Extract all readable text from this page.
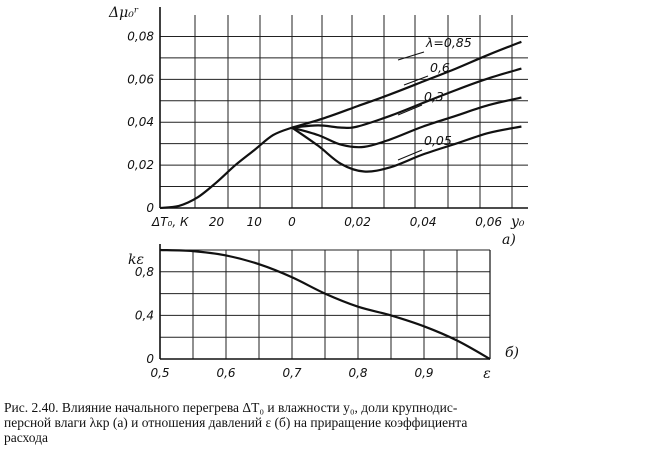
0
0,02
0,04
0,06
0,08
20 10 0	0,02	0,04	0,06
ΔT₀, К	y₀
Δμ₀ʳ
а)
λ=0,85
0,6
0,3
0,05
0
0,4
0,8
0,5	0,6	0,7	0,8	0,9	ε
kε
б)
Рис. 2.40. Влияние начального перегрева ΔT₀ и влажности y₀, доли крупнодис-
персной влаги λкр (а) и отношения давлений ε (б) на приращение коэффициента
расхода
